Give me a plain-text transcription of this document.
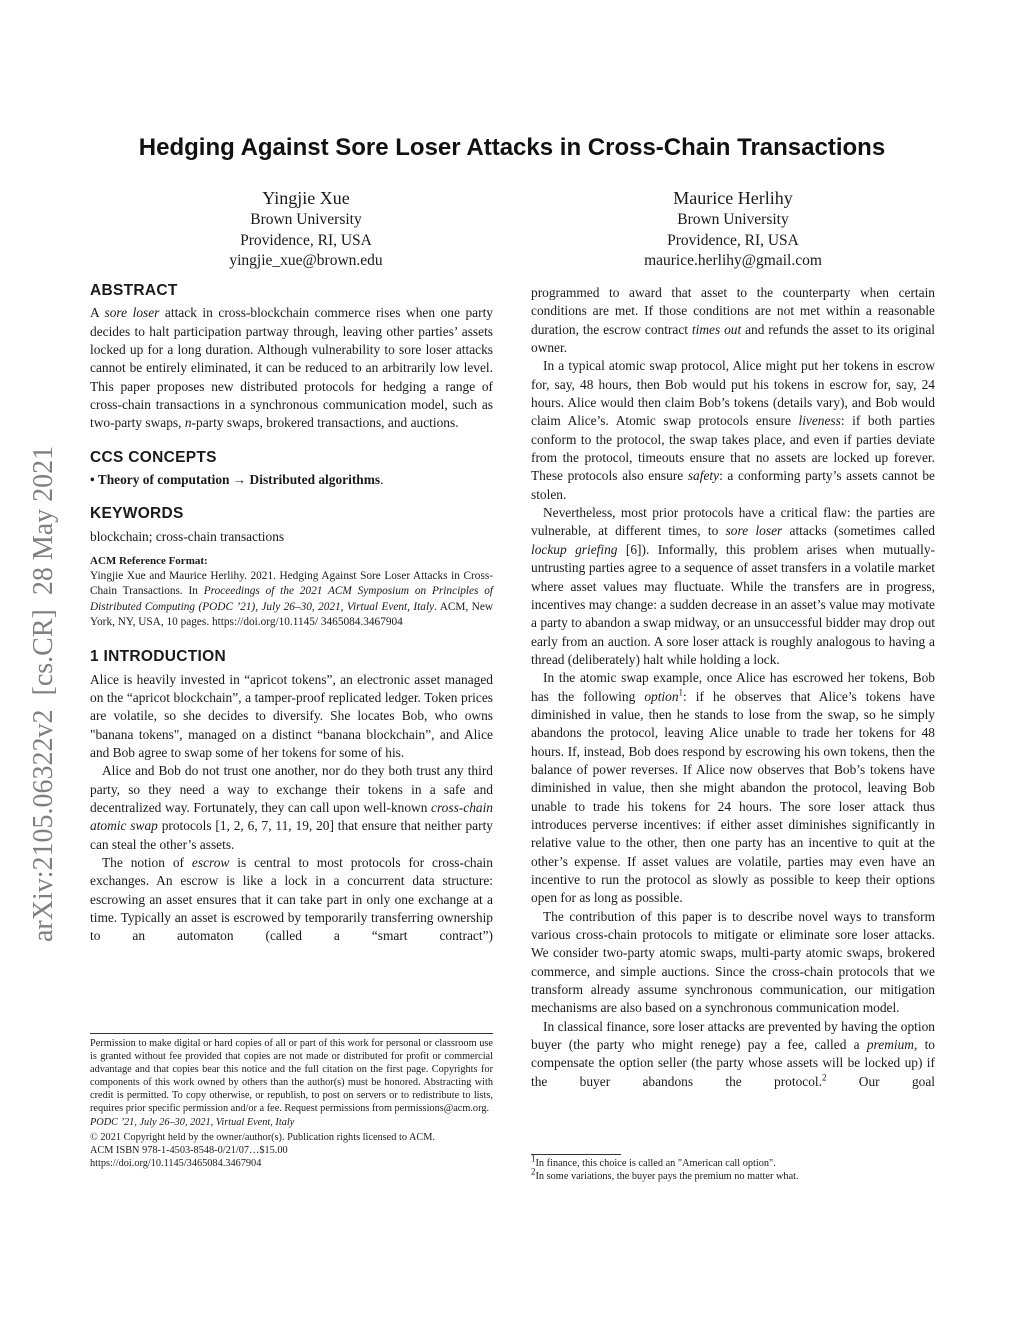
arXiv:2105.06322v2  [cs.CR]  28 May 2021
Hedging Against Sore Loser Attacks in Cross-Chain Transactions
Yingjie Xue
Brown University
Providence, RI, USA
yingjie_xue@brown.edu
Maurice Herlihy
Brown University
Providence, RI, USA
maurice.herlihy@gmail.com
ABSTRACT

A sore loser attack in cross-blockchain commerce rises when one party decides to halt participation partway through, leaving other parties’ assets locked up for a long duration. Although vulnerability to sore loser attacks cannot be entirely eliminated, it can be reduced to an arbitrarily low level. This paper proposes new distributed protocols for hedging a range of cross-chain transactions in a synchronous communication model, such as two-party swaps, n-party swaps, brokered transactions, and auctions.

CCS CONCEPTS
• Theory of computation → Distributed algorithms.
KEYWORDS
blockchain; cross-chain transactions
ACM Reference Format:

Yingjie Xue and Maurice Herlihy. 2021. Hedging Against Sore Loser Attacks in Cross-Chain Transactions. In Proceedings of the 2021 ACM Symposium on Principles of Distributed Computing (PODC ’21), July 26–30, 2021, Virtual Event, Italy. ACM, New York, NY, USA, 10 pages. https://doi.org/10.1145/ 3465084.3467904

1 INTRODUCTION

Alice is heavily invested in “apricot tokens”, an electronic asset managed on the “apricot blockchain”, a tamper-proof replicated ledger. Token prices are volatile, so she decides to diversify. She locates Bob, who owns "banana tokens", managed on a distinct “banana blockchain”, and Alice and Bob agree to swap some of her tokens for some of his.

Alice and Bob do not trust one another, nor do they both trust any third party, so they need a way to exchange their tokens in a safe and decentralized way. Fortunately, they can call upon well-known cross-chain atomic swap protocols [1, 2, 6, 7, 11, 19, 20] that ensure that neither party can steal the other’s assets.

The notion of escrow is central to most protocols for cross-chain exchanges. An escrow is like a lock in a concurrent data structure: escrowing an asset ensures that it can take part in only one exchange at a time. Typically an asset is escrowed by temporarily transferring ownership to an automaton (called a “smart contract”)

Permission to make digital or hard copies of all or part of this work for personal or classroom use is granted without fee provided that copies are not made or distributed for profit or commercial advantage and that copies bear this notice and the full citation on the first page. Copyrights for components of this work owned by others than the author(s) must be honored. Abstracting with credit is permitted. To copy otherwise, or republish, to post on servers or to redistribute to lists, requires prior specific permission and/or a fee. Request permissions from permissions@acm.org.
PODC ’21, July 26–30, 2021, Virtual Event, Italy
© 2021 Copyright held by the owner/author(s). Publication rights licensed to ACM.
ACM ISBN 978-1-4503-8548-0/21/07…$15.00
https://doi.org/10.1145/3465084.3467904

programmed to award that asset to the counterparty when certain conditions are met. If those conditions are not met within a reasonable duration, the escrow contract times out and refunds the asset to its original owner.

In a typical atomic swap protocol, Alice might put her tokens in escrow for, say, 48 hours, then Bob would put his tokens in escrow for, say, 24 hours. Alice would then claim Bob’s tokens (details vary), and Bob would claim Alice’s. Atomic swap protocols ensure liveness: if both parties conform to the protocol, the swap takes place, and even if parties deviate from the protocol, timeouts ensure that no assets are locked up forever. These protocols also ensure safety: a conforming party’s assets cannot be stolen.

Nevertheless, most prior protocols have a critical flaw: the parties are vulnerable, at different times, to sore loser attacks (sometimes called lockup griefing [6]). Informally, this problem arises when mutually-untrusting parties agree to a sequence of asset transfers in a volatile market where asset values may fluctuate. While the transfers are in progress, incentives may change: a sudden decrease in an asset’s value may motivate a party to abandon a swap midway, or an unsuccessful bidder may drop out early from an auction. A sore loser attack is roughly analogous to having a thread (deliberately) halt while holding a lock.

In the atomic swap example, once Alice has escrowed her tokens, Bob has the following option$^1$: if he observes that Alice’s tokens have diminished in value, then he stands to lose from the swap, so he simply abandons the protocol, leaving Alice unable to trade her tokens for 48 hours. If, instead, Bob does respond by escrowing his own tokens, then the balance of power reverses. If Alice now observes that Bob’s tokens have diminished in value, then she might abandon the protocol, leaving Bob unable to trade his tokens for 24 hours. The sore loser attack thus introduces perverse incentives: if either asset diminishes significantly in relative value to the other, then one party has an incentive to quit at the other’s expense. If asset values are volatile, parties may even have an incentive to run the protocol as slowly as possible to keep their options open for as long as possible.

The contribution of this paper is to describe novel ways to transform various cross-chain protocols to mitigate or eliminate sore loser attacks. We consider two-party atomic swaps, multi-party atomic swaps, brokered commerce, and simple auctions. Since the cross-chain protocols that we transform already assume synchronous communication, our mitigation mechanisms are also based on a synchronous communication model.

In classical finance, sore loser attacks are prevented by having the option buyer (the party who might renege) pay a fee, called a premium, to compensate the option seller (the party whose assets will be locked up) if the buyer abandons the protocol.$^2$ Our goal

1In finance, this choice is called an "American call option".
2In some variations, the buyer pays the premium no matter what.
